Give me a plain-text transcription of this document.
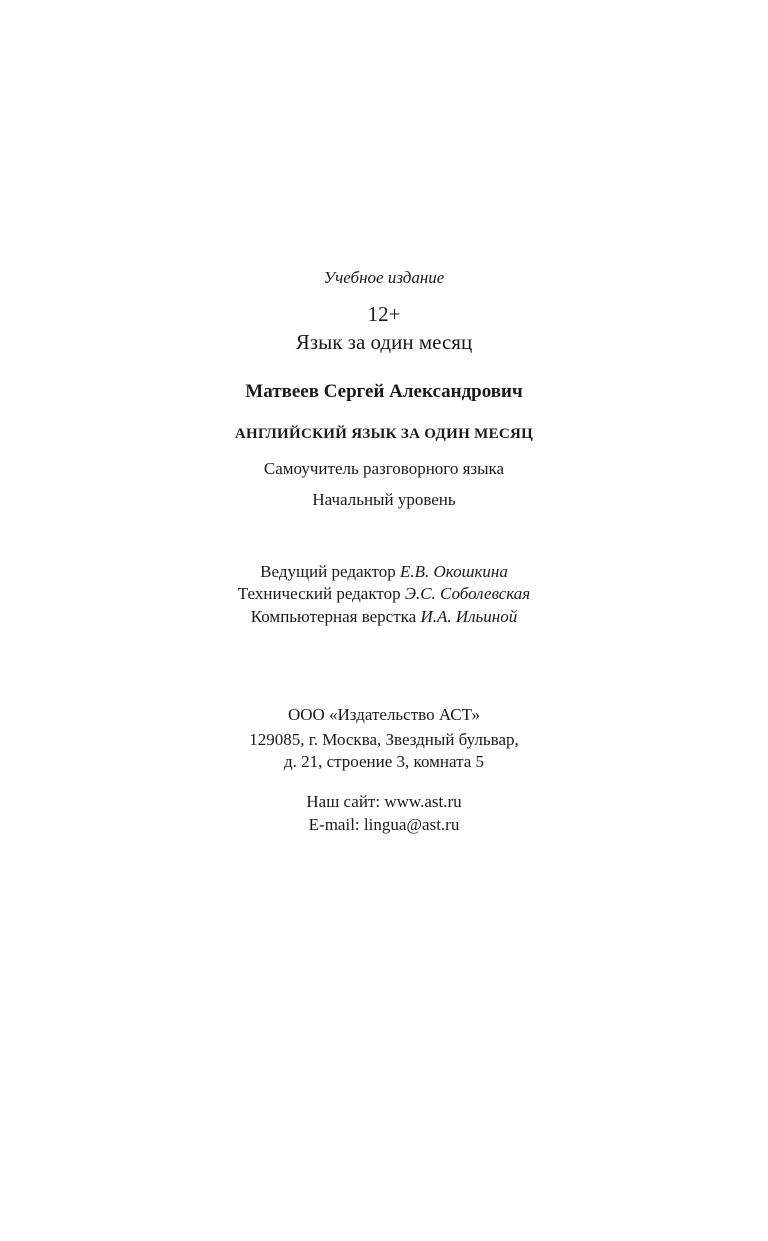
Учебное издание
12+
Язык за один месяц
Матвеев Сергей Александрович
АНГЛИЙСКИЙ ЯЗЫК ЗА ОДИН МЕСЯЦ
Самоучитель разговорного языка
Начальный уровень
Ведущий редактор Е.В. Окошкина
Технический редактор Э.С. Соболевская
Компьютерная верстка И.А. Ильиной
ООО «Издательство АСТ»
129085, г. Москва, Звездный бульвар,
д. 21, строение 3, комната 5
Наш сайт: www.ast.ru
E-mail: lingua@ast.ru
